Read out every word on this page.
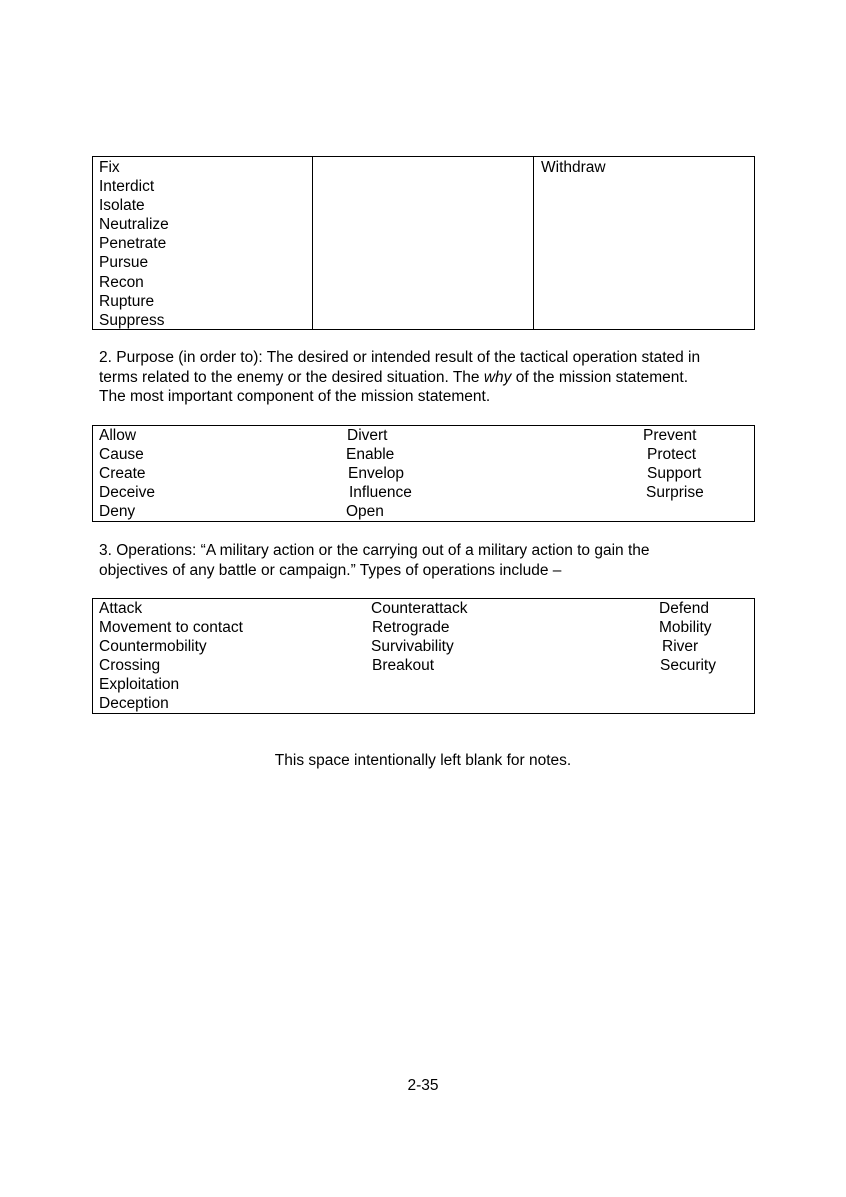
Fix
Interdict
Isolate
Neutralize
Penetrate
Pursue
Recon
Rupture
Suppress
Withdraw
2. Purpose (in order to): The desired or intended result of the tactical operation stated in
terms related to the enemy or the desired situation. The why of the mission statement.
The most important component of the mission statement.
Allow
Cause
Create
Deceive
Deny
Divert
Enable
Envelop
Influence
Open
Prevent
Protect
Support
Surprise
3. Operations: “A military action or the carrying out of a military action to gain the
objectives of any battle or campaign.” Types of operations include –
Attack
Movement to contact
Countermobility
Crossing
Exploitation
Deception
Counterattack
Retrograde
Survivability
Breakout
Defend
Mobility
River
Security
This space intentionally left blank for notes.
2-35
